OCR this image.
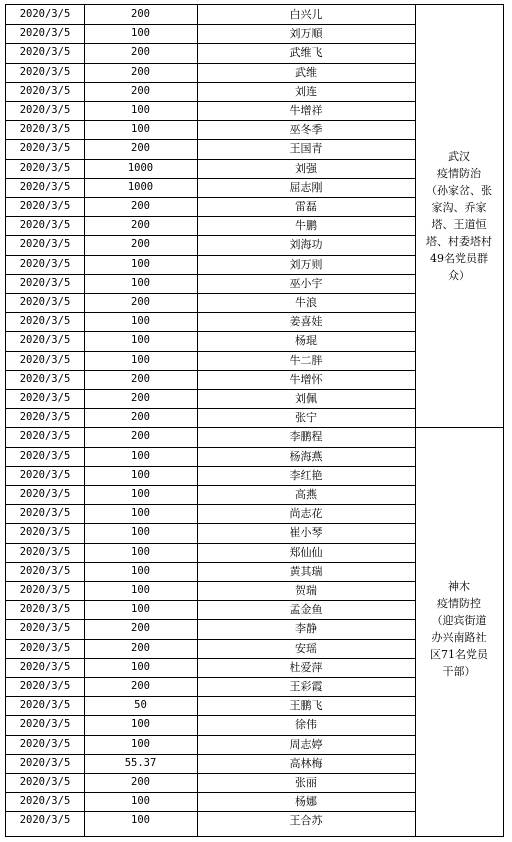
2020/3/5	200	白兴儿
2020/3/5	100	刘万順
2020/3/5	200	武维飞
2020/3/5	200	武维
2020/3/5	200	刘连
2020/3/5	100	牛增祥
2020/3/5	100	巫冬季
2020/3/5	200	王国青
2020/3/5	1000	刘强
2020/3/5	1000	屈志刚
2020/3/5	200	雷磊
2020/3/5	200	牛鹏
2020/3/5	200	刘海功
2020/3/5	100	刘万则
2020/3/5	100	巫小宇
2020/3/5	200	牛浪
2020/3/5	100	姜喜娃
2020/3/5	100	杨琨
2020/3/5	100	牛二胖
2020/3/5	200	牛增怀
2020/3/5	200	刘佩
2020/3/5	200	张宁
2020/3/5	200	李鹏程
2020/3/5	100	杨海燕
2020/3/5	100	李红艳
2020/3/5	100	高燕
2020/3/5	100	尚志花
2020/3/5	100	崔小琴
2020/3/5	100	郑仙仙
2020/3/5	100	黄其瑞
2020/3/5	100	贺瑞
2020/3/5	100	孟金鱼
2020/3/5	200	李静
2020/3/5	200	安瑶
2020/3/5	100	杜爱萍
2020/3/5	200	王彩霞
2020/3/5	50	王鹏飞
2020/3/5	100	徐伟
2020/3/5	100	周志婷
2020/3/5	55.37	高林梅
2020/3/5	200	张丽
2020/3/5	100	杨娜
2020/3/5	100	王合苏
武汉
疫情防治
（孙家岔、张
家沟、乔家
塔、王道恒
塔、村委塔村
49名党员群
众）
神木
疫情防控
（迎宾街道
办兴南路社
区71名党员
干部）
